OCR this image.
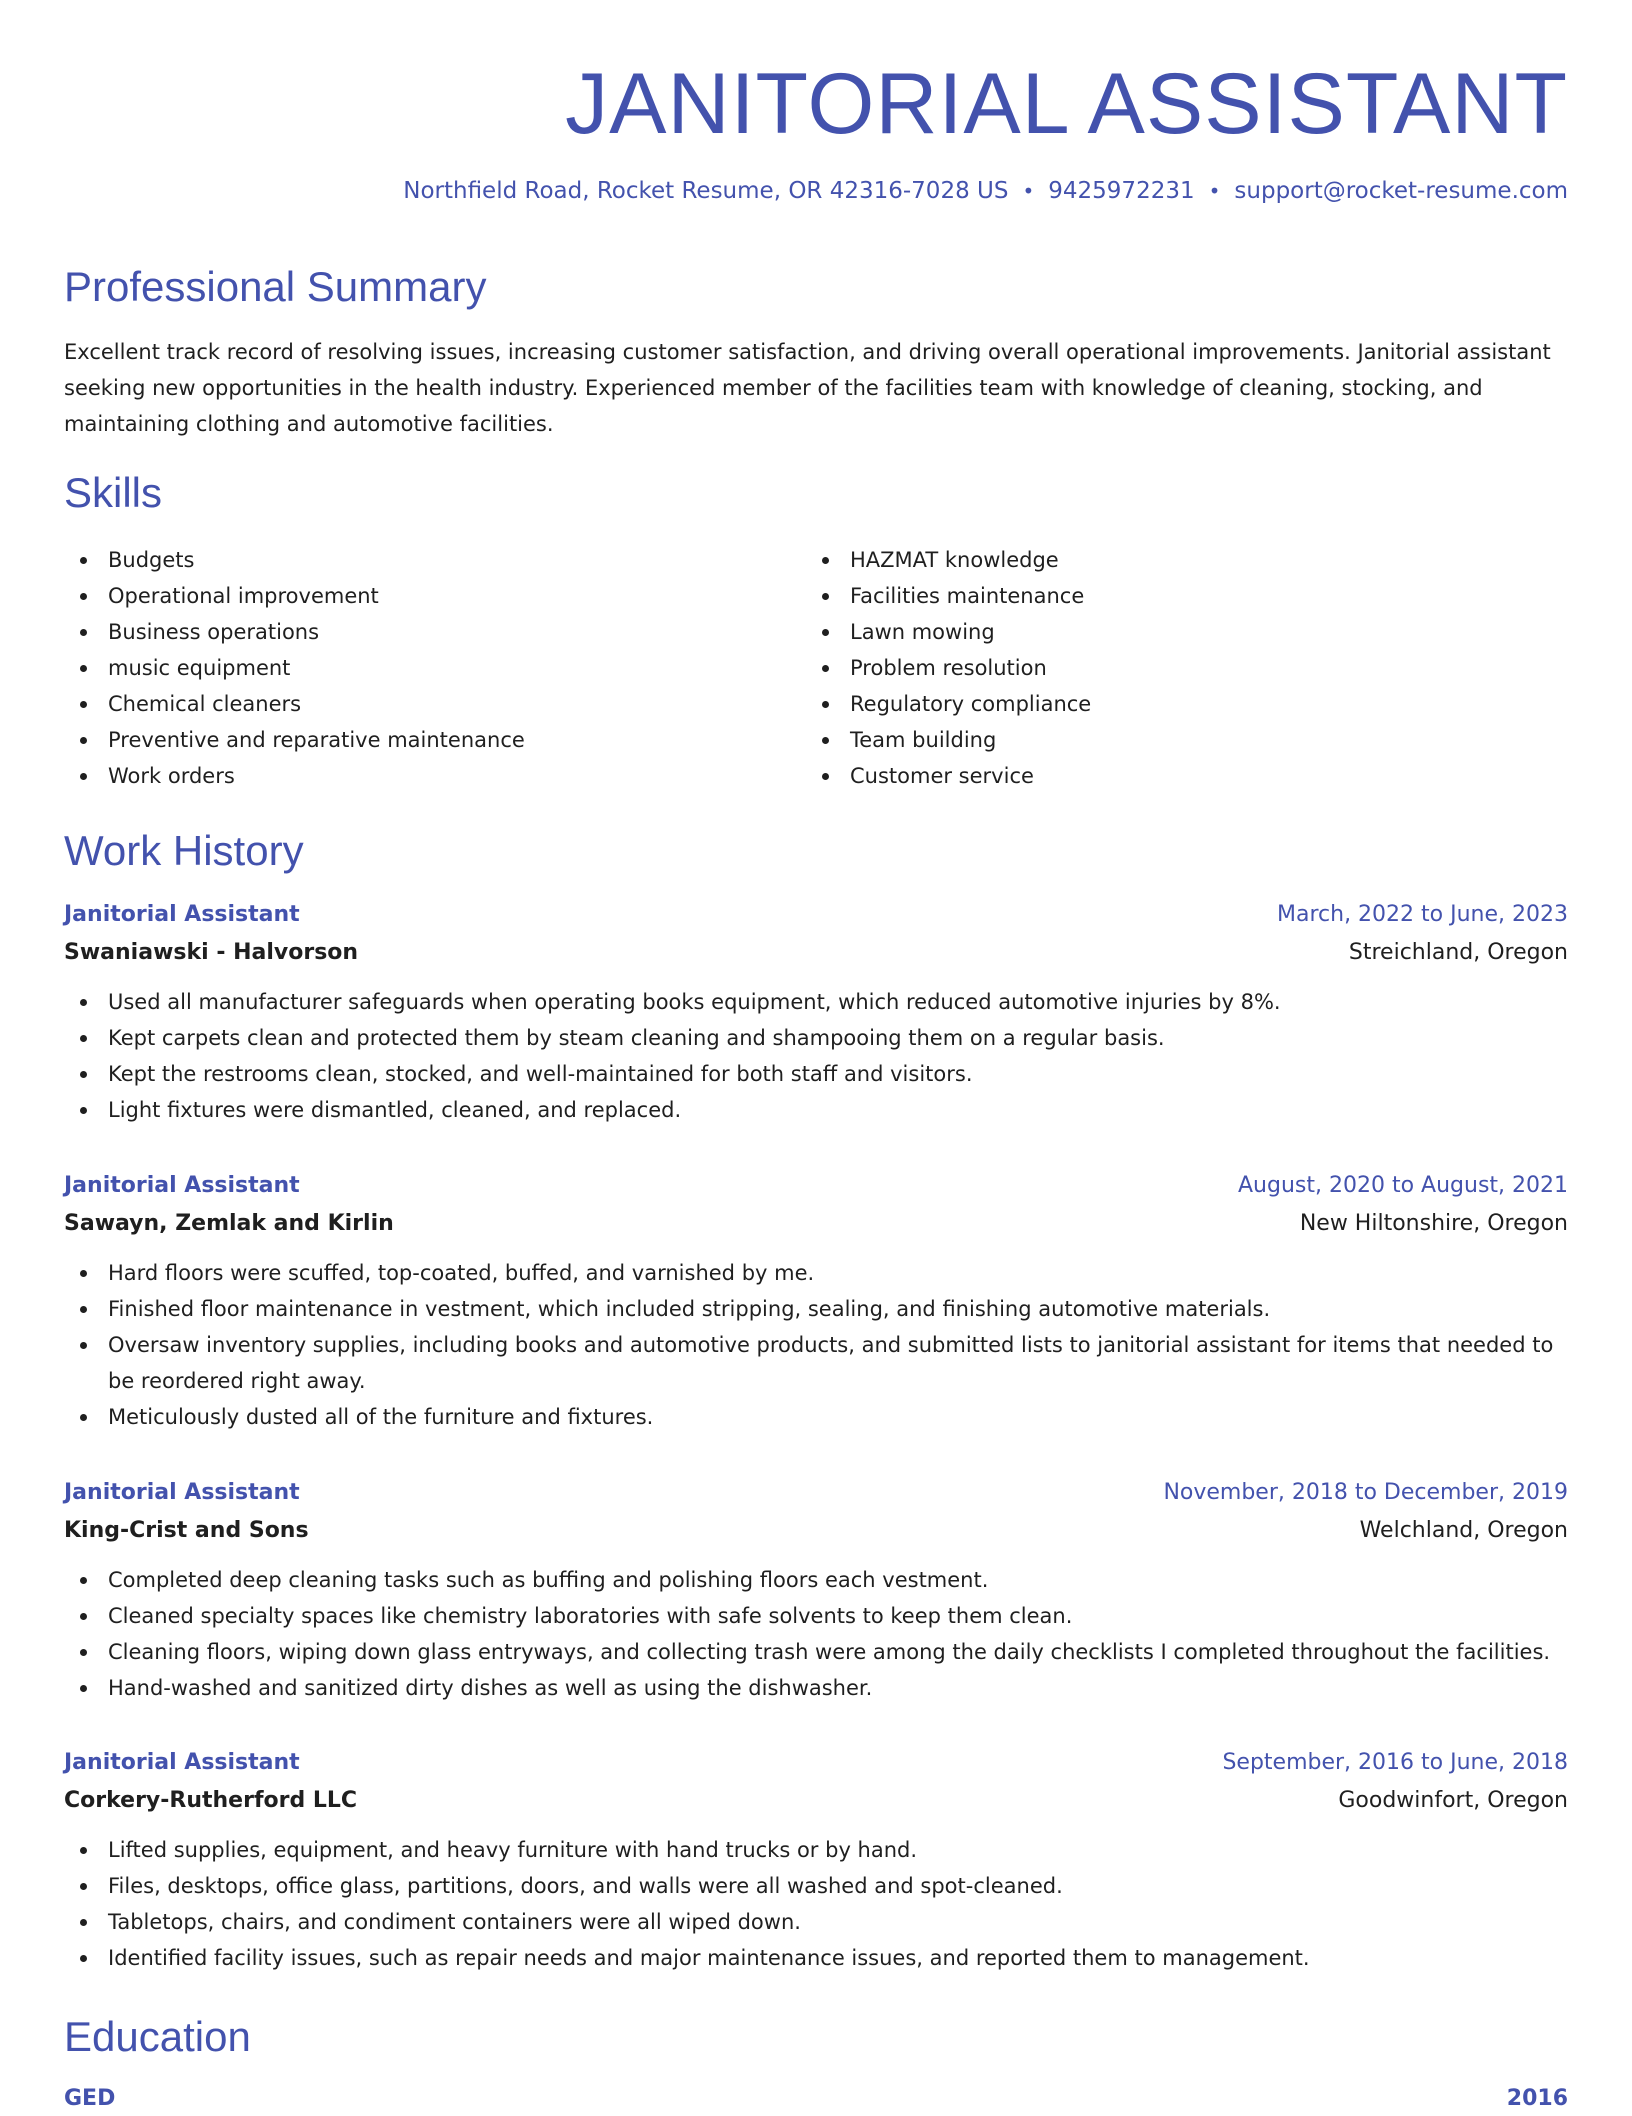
JANITORIAL ASSISTANT
Northfield Road, Rocket Resume, OR 42316-7028 US • 9425972231 • support@rocket-resume.com
Professional Summary

Excellent track record of resolving issues, increasing customer satisfaction, and driving overall operational improvements. Janitorial assistant seeking new opportunities in the health industry. Experienced member of the facilities team with knowledge of cleaning, stocking, and maintaining clothing and automotive facilities.

Skills
Budgets
Operational improvement
Business operations
music equipment
Chemical cleaners
Preventive and reparative maintenance
Work orders
HAZMAT knowledge
Facilities maintenance
Lawn mowing
Problem resolution
Regulatory compliance
Team building
Customer service
Work History
Janitorial Assistant	March, 2022 to June, 2023
Swaniawski - Halvorson	Streichland, Oregon
Used all manufacturer safeguards when operating books equipment, which reduced automotive injuries by 8%.
Kept carpets clean and protected them by steam cleaning and shampooing them on a regular basis.
Kept the restrooms clean, stocked, and well-maintained for both staff and visitors.
Light fixtures were dismantled, cleaned, and replaced.
Janitorial Assistant	August, 2020 to August, 2021
Sawayn, Zemlak and Kirlin	New Hiltonshire, Oregon
Hard floors were scuffed, top-coated, buffed, and varnished by me.
Finished floor maintenance in vestment, which included stripping, sealing, and finishing automotive materials.
Oversaw inventory supplies, including books and automotive products, and submitted lists to janitorial assistant for items that needed to be reordered right away.
Meticulously dusted all of the furniture and fixtures.
Janitorial Assistant	November, 2018 to December, 2019
King-Crist and Sons	Welchland, Oregon
Completed deep cleaning tasks such as buffing and polishing floors each vestment.
Cleaned specialty spaces like chemistry laboratories with safe solvents to keep them clean.
Cleaning floors, wiping down glass entryways, and collecting trash were among the daily checklists I completed throughout the facilities.
Hand-washed and sanitized dirty dishes as well as using the dishwasher.
Janitorial Assistant	September, 2016 to June, 2018
Corkery-Rutherford LLC	Goodwinfort, Oregon
Lifted supplies, equipment, and heavy furniture with hand trucks or by hand.
Files, desktops, office glass, partitions, doors, and walls were all washed and spot-cleaned.
Tabletops, chairs, and condiment containers were all wiped down.
Identified facility issues, such as repair needs and major maintenance issues, and reported them to management.
Education
GED	2016
